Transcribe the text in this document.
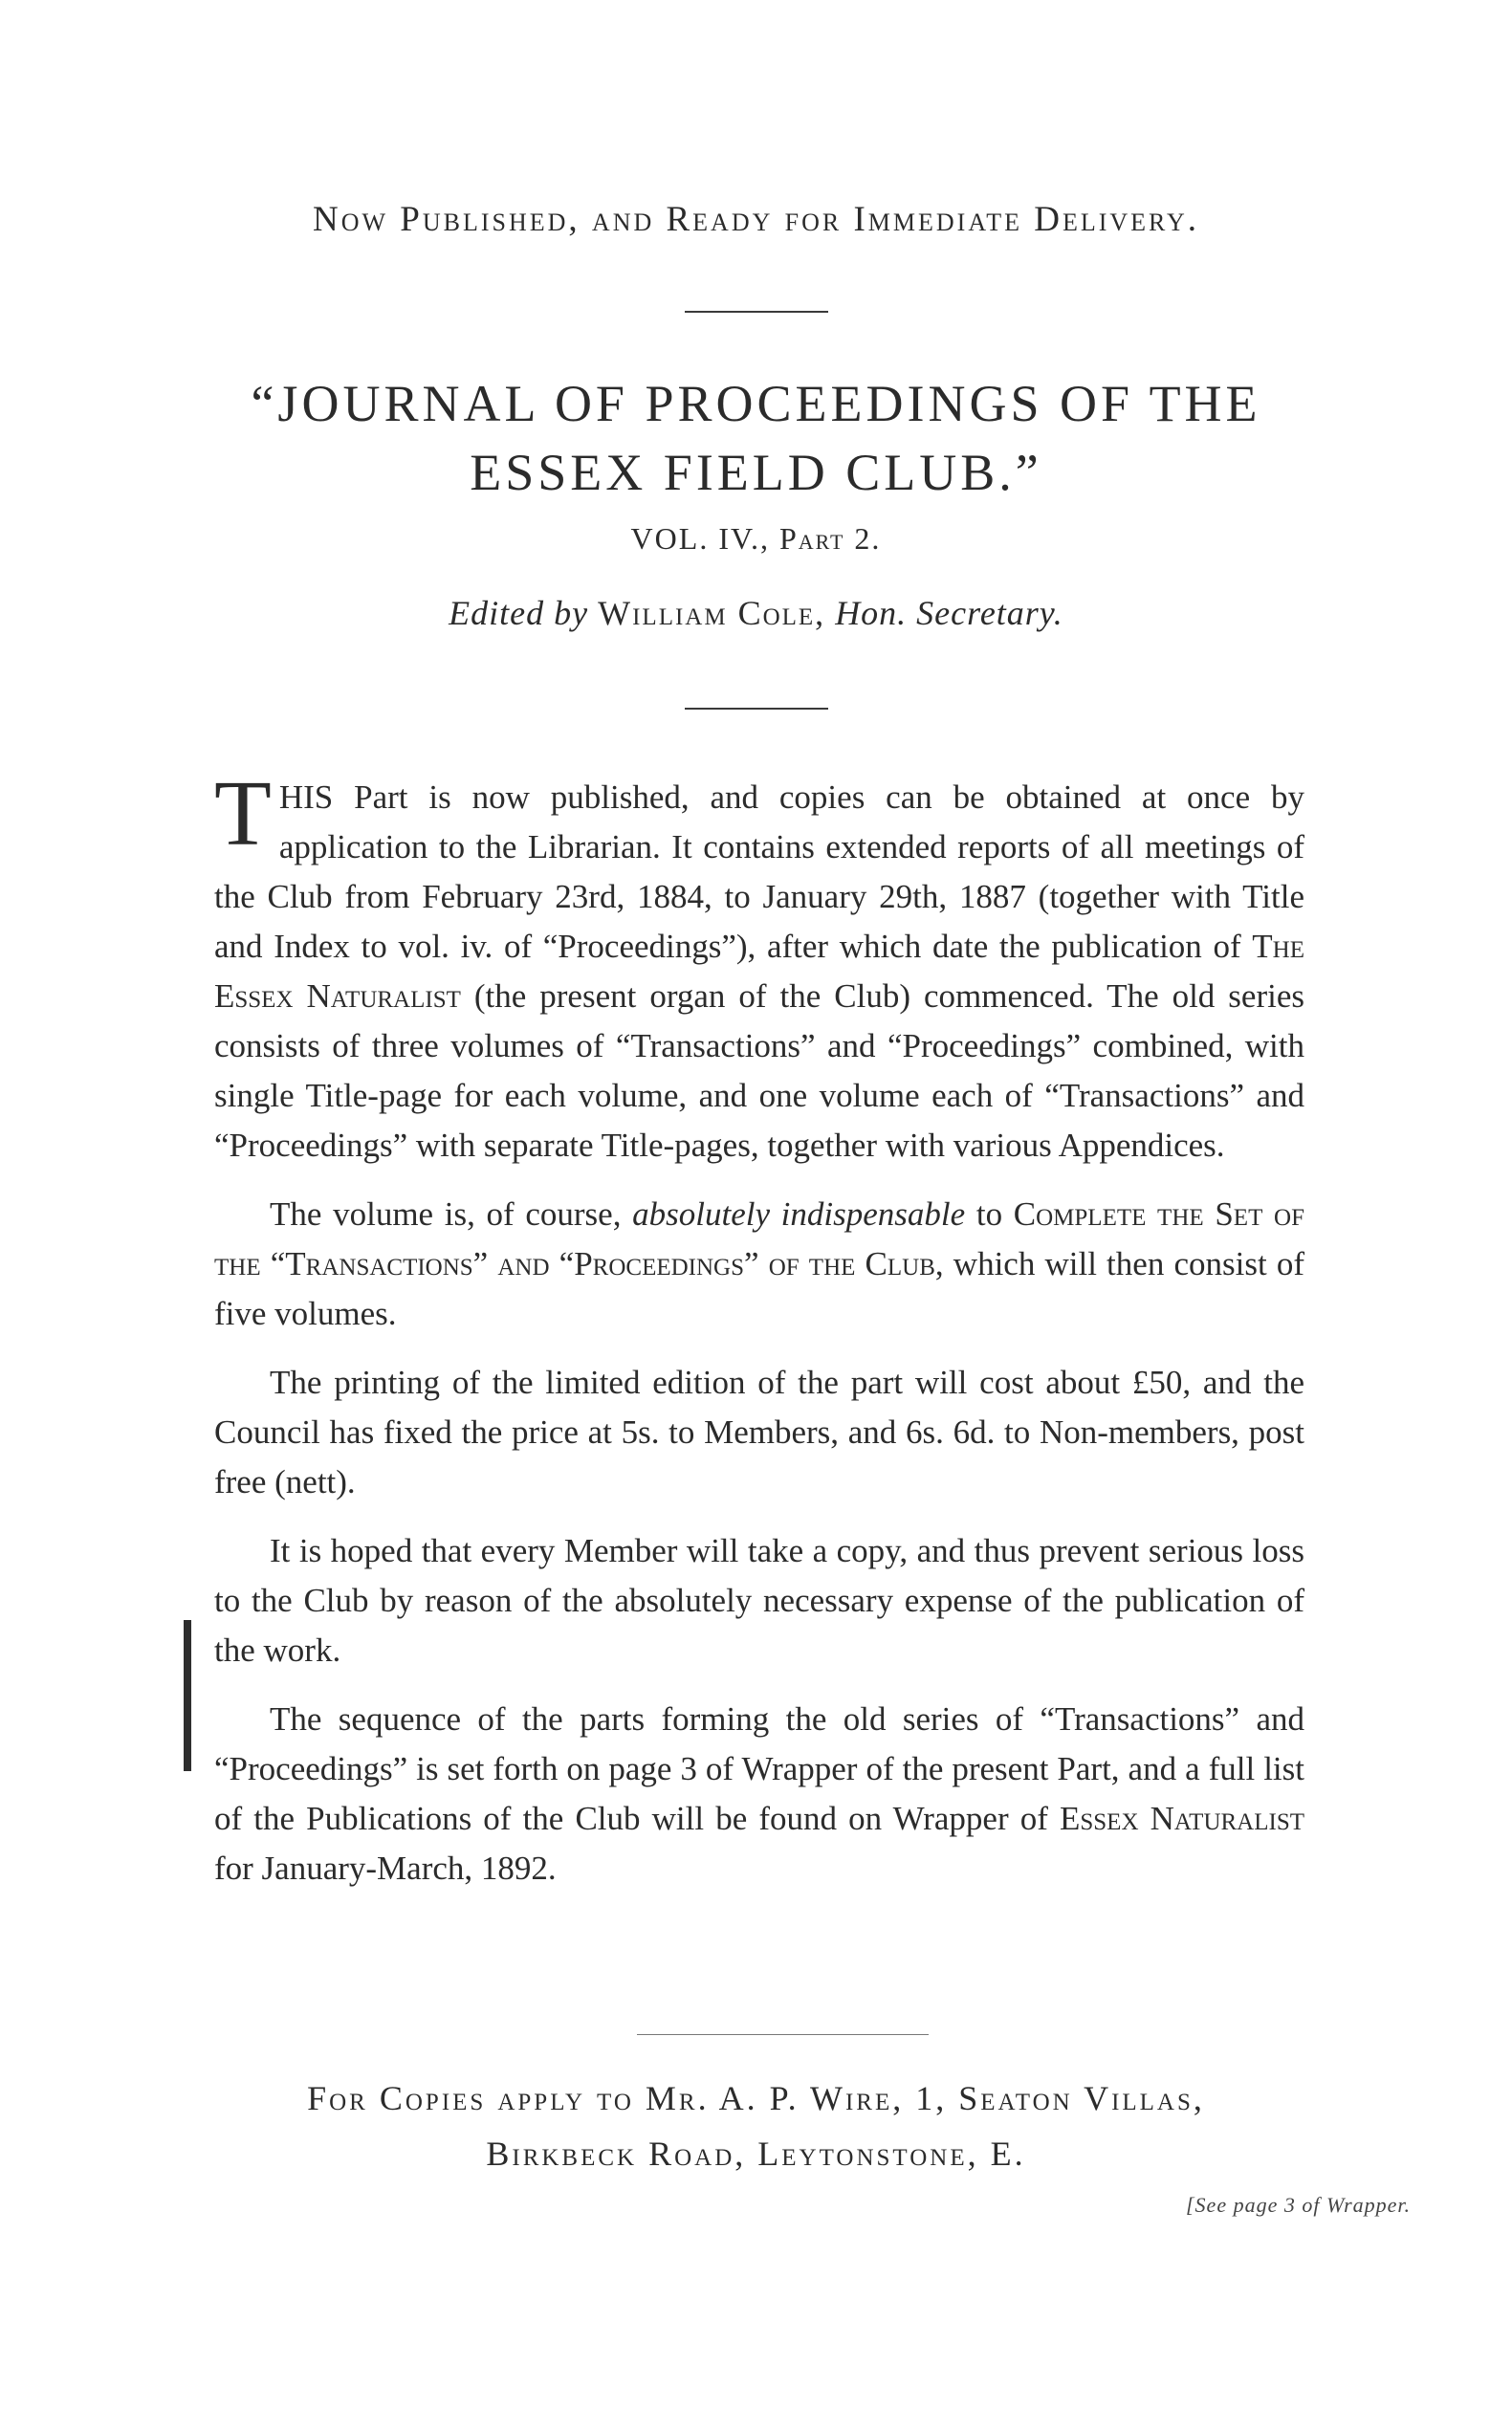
Now Published, and Ready for Immediate Delivery.
“JOURNAL OF PROCEEDINGS OF THE
ESSEX FIELD CLUB.”
VOL. IV., Part 2.
Edited by William Cole, Hon. Secretary.

THIS Part is now published, and copies can be obtained at once by application to the Librarian. It contains extended reports of all meetings of the Club from February 23rd, 1884, to January 29th, 1887 (together with Title and Index to vol. iv. of “Proceedings”), after which date the publication of The Essex Naturalist (the present organ of the Club) commenced. The old series consists of three volumes of “Transactions” and “Proceedings” combined, with single Title-page for each volume, and one volume each of “Transactions” and “Proceedings” with separate Title-pages, together with various Appendices.

The volume is, of course, absolutely indispensable to Complete the Set of the “Transactions” and “Proceedings” of the Club, which will then consist of five volumes.

The printing of the limited edition of the part will cost about £50, and the Council has fixed the price at 5s. to Members, and 6s. 6d. to Non-members, post free (nett).

It is hoped that every Member will take a copy, and thus prevent serious loss to the Club by reason of the absolutely necessary expense of the publication of the work.

The sequence of the parts forming the old series of “Transactions” and “Proceedings” is set forth on page 3 of Wrapper of the present Part, and a full list of the Publications of the Club will be found on Wrapper of Essex Naturalist for January-March, 1892.

For Copies apply to Mr. A. P. Wire, 1, Seaton Villas,
Birkbeck Road, Leytonstone, E.
[See page 3 of Wrapper.
